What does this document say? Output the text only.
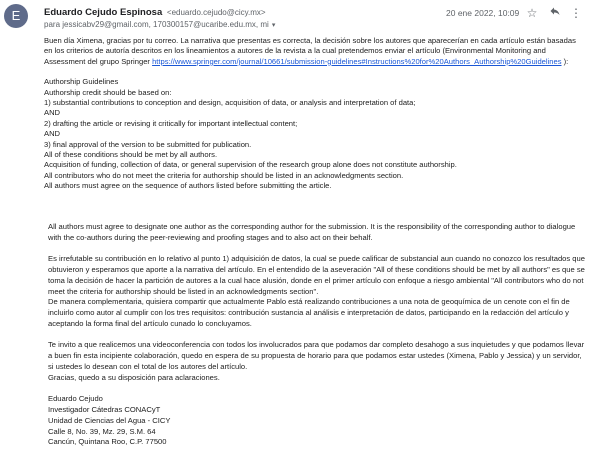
E	Eduardo Cejudo Espinosa <eduardo.cejudo@cicy.mx>
para jessicabv29@gmail.com, 170300157@ucaribe.edu.mx, mi ▾
20 ene 2022, 10:09 ☆	⋮

Buen día Ximena, gracias por tu correo. La narrativa que presentas es correcta, la decisión sobre los autores que aparecerían en cada artículo están basadas en los criterios de autoría descritos en los lineamientos a autores de la revista a la cual pretendemos enviar el artículo (Environmental Monitoring and Assessment del grupo Springer https://www.springer.com/journal/10661/submission-guidelines#Instructions%20for%20Authors_Authorship%20Guidelines ):

Authorship Guidelines

Authorship credit should be based on:

1) substantial contributions to conception and design, acquisition of data, or analysis and interpretation of data;

AND

2) drafting the article or revising it critically for important intellectual content;

AND

3) final approval of the version to be submitted for publication.

All of these conditions should be met by all authors.

Acquisition of funding, collection of data, or general supervision of the research group alone does not constitute authorship.

All contributors who do not meet the criteria for authorship should be listed in an acknowledgments section.

All authors must agree on the sequence of authors listed before submitting the article.

All authors must agree to designate one author as the corresponding author for the submission. It is the responsibility of the corresponding author to dialogue with the co-authors during the peer-reviewing and proofing stages and to also act on their behalf.

Es irrefutable su contribución en lo relativo al punto 1) adquisición de datos, la cual se puede calificar de substancial aun cuando no conozco los resultados que obtuvieron y esperamos que aporte a la narrativa del artículo. En el entendido de la aseveración "All of these conditions should be met by all authors" es que se toma la decisión de hacer la partición de autores a la cual hace alusión, donde en el primer artículo con enfoque a riesgo ambiental "All contributors who do not meet the criteria for authorship should be listed in an acknowledgments section".

De manera complementaria, quisiera compartir que actualmente Pablo está realizando contribuciones a una nota de geoquímica de un cenote con el fin de incluirlo como autor al cumplir con los tres requisitos: contribución sustancia al análisis e interpretación de datos, participando en la redacción del artículo y aceptando la forma final del artículo cunado lo concluyamos.

Te invito a que realicemos una videoconferencia con todos los involucrados para que podamos dar completo desahogo a sus inquietudes y que podamos llevar a buen fin esta incipiente colaboración, quedo en espera de su propuesta de horario para que podamos estar ustedes (Ximena, Pablo y Jessica) y un servidor, si ustedes lo desean con el total de los autores del artículo.

Gracias, quedo a su disposición para aclaraciones.

Eduardo Cejudo

Investigador Cátedras CONACyT

Unidad de Ciencias del Agua - CICY

Calle 8, No. 39, Mz. 29, S.M. 64

Cancún, Quintana Roo, C.P. 77500
